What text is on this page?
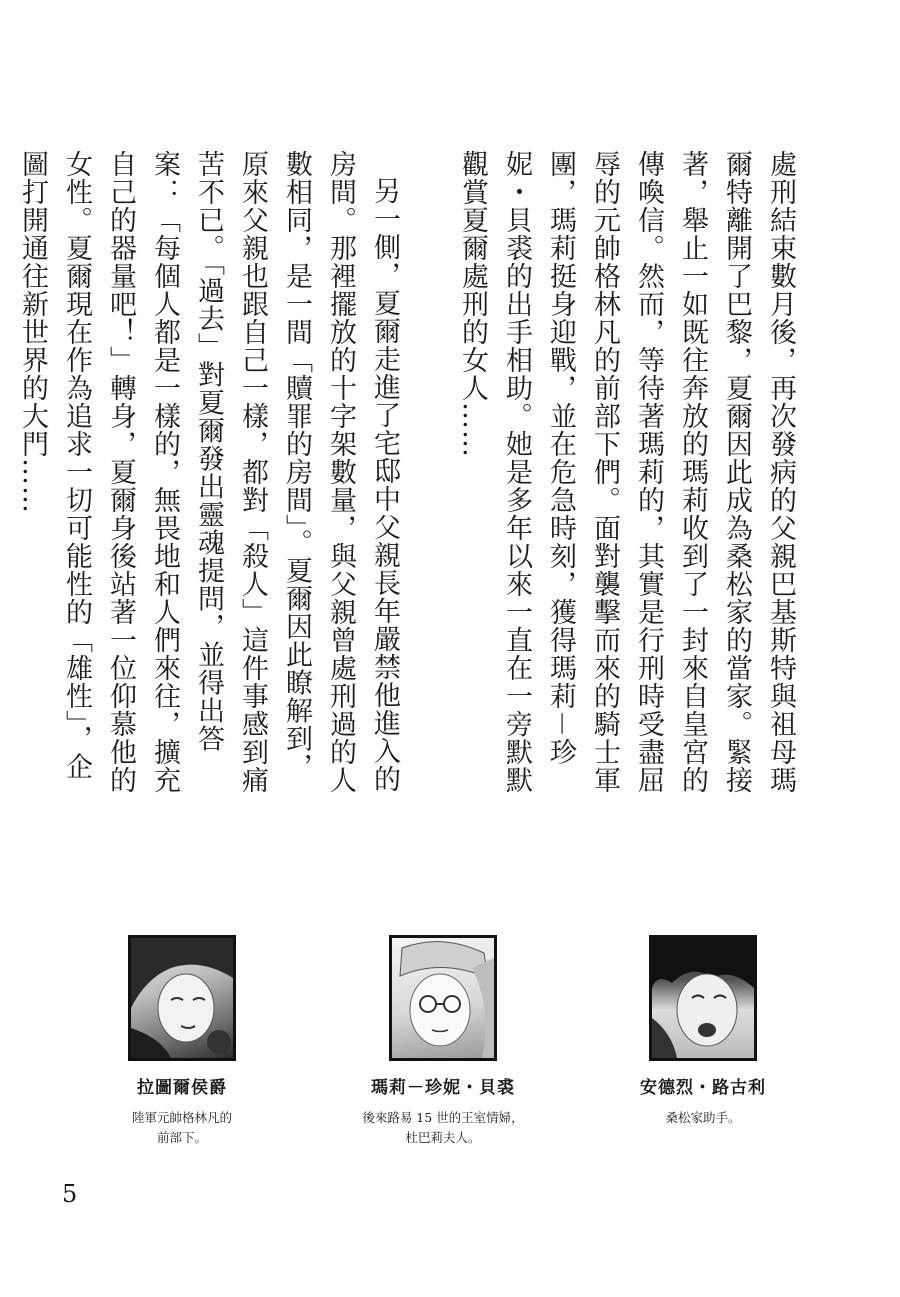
處刑結束數月後，再次發病的父親巴基斯特與祖母瑪爾特離開了巴黎，夏爾因此成為桑松家的當家。緊接著，舉止一如既往奔放的瑪莉收到了一封來自皇宮的傳喚信。然而，等待著瑪莉的，其實是行刑時受盡屈辱的元帥格林凡的前部下們。面對襲擊而來的騎士軍團，瑪莉挺身迎戰，並在危急時刻，獲得瑪莉－珍妮・貝裘的出手相助。她是多年以來一直在一旁默默觀賞夏爾處刑的女人……

另一側，夏爾走進了宅邸中父親長年嚴禁他進入的房間。那裡擺放的十字架數量，與父親曾處刑過的人數相同，是一間「贖罪的房間」。夏爾因此瞭解到，原來父親也跟自己一樣，都對「殺人」這件事感到痛苦不已。「過去」對夏爾發出靈魂提問，並得出答案：「每個人都是一樣的，無畏地和人們來往，擴充自己的器量吧！」轉身，夏爾身後站著一位仰慕他的女性。夏爾現在作為追求一切可能性的「雄性」，企圖打開通往新世界的大門……

拉圖爾侯爵
陸軍元帥格林凡的
前部下。
瑪莉－珍妮・貝裘
後來路易 15 世的王室情婦，
杜巴莉夫人。
安德烈・路古利
桑松家助手。
5
